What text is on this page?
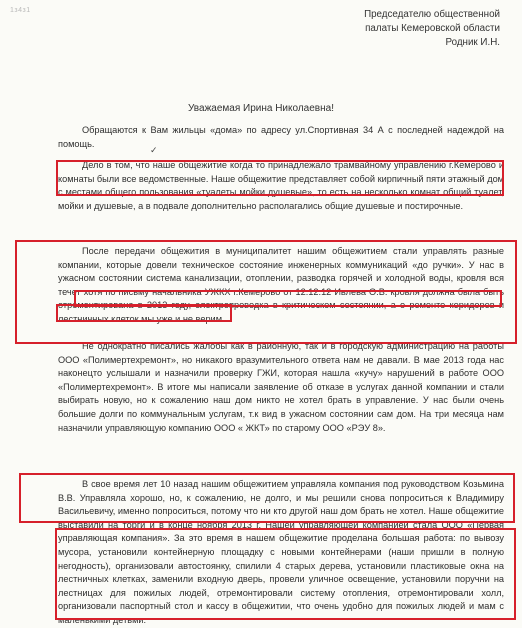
1з4з1	Председателю общественной
палаты Кемеровской области
Родник И.Н.
Уважаемая Ирина Николаевна!

Обращаются к Вам жильцы «дома» по адресу ул.Спортивная 34 А с последней надеждой на помощь.

✓

Дело в том, что наше общежитие когда то принадлежало трамвайному управлению г.Кемерово и комнаты были все ведомственные. Наше общежитие представляет собой кирпичный пяти этажный дом с местами общего пользования «туалеты мойки душевые», то есть на несколько комнат общий туалет, мойки и душевые, а в подвале дополнительно располагались общие душевые и постирочные.

После передачи общежития в муниципалитет нашим общежитием стали управлять разные компании, которые довели техническое состояние инженерных коммуникаций «до ручки». У нас в ужасном состоянии система канализации, отоплении, разводка горячей и холодной воды, кровля вся течет хотя по письму начальника УЖКХ г.Кемерово от 12.12.12 Ивлева О.В. кровля должна была быть отремонтирована в 2013 году, электропроводка в критическом состоянии, а о ремонте коридоров и лестничных клеток мы уже и не верим.

Не однократно писались жалобы как в районную, так и в городскую администрацию на работы ООО «Полимертехремонт», но никакого вразумительного ответа нам не давали. В мае 2013 года нас наконецто услышали и назначили проверку ГЖИ, которая нашла «кучу» нарушений в работе ООО «Полимертехремонт». В итоге мы написали заявление об отказе в услугах данной компании и стали выбирать новую, но к сожалению наш дом никто не хотел брать в управление. У нас были очень большие долги по коммунальным услугам, т.к вид в ужасном состоянии сам дом. На три месяца нам назначили управляющую компанию ООО « ЖКТ» по старому ООО «РЭУ 8».

В свое время лет 10 назад нашим общежитием управляла компания под руководством Козьмина В.В. Управляла хорошо, но, к сожалению, не долго, и мы решили снова попроситься к Владимиру Васильевичу, именно попроситься, потому что ни кто другой наш дом брать не хотел. Наше общежитие выставили на торги и в конце ноября 2013 г. Нашей управляющей компанией стала ООО «Первая управляющая компания». За это время в нашем общежитие проделана большая работа: по вывозу мусора, установили контейнерную площадку с новыми контейнерами (наши пришли в полную негодность), организовали автостоянку, спилили 4 старых дерева, установили пластиковые окна на лестничных клетках, заменили входную дверь, провели уличное освещение, установили поручни на лестницах для пожилых людей, отремонтировали систему отопления, отремонтировали холл, организовали паспортный стол и кассу в общежитии, что очень удобно для пожилых людей и мам с маленькими детьми.
